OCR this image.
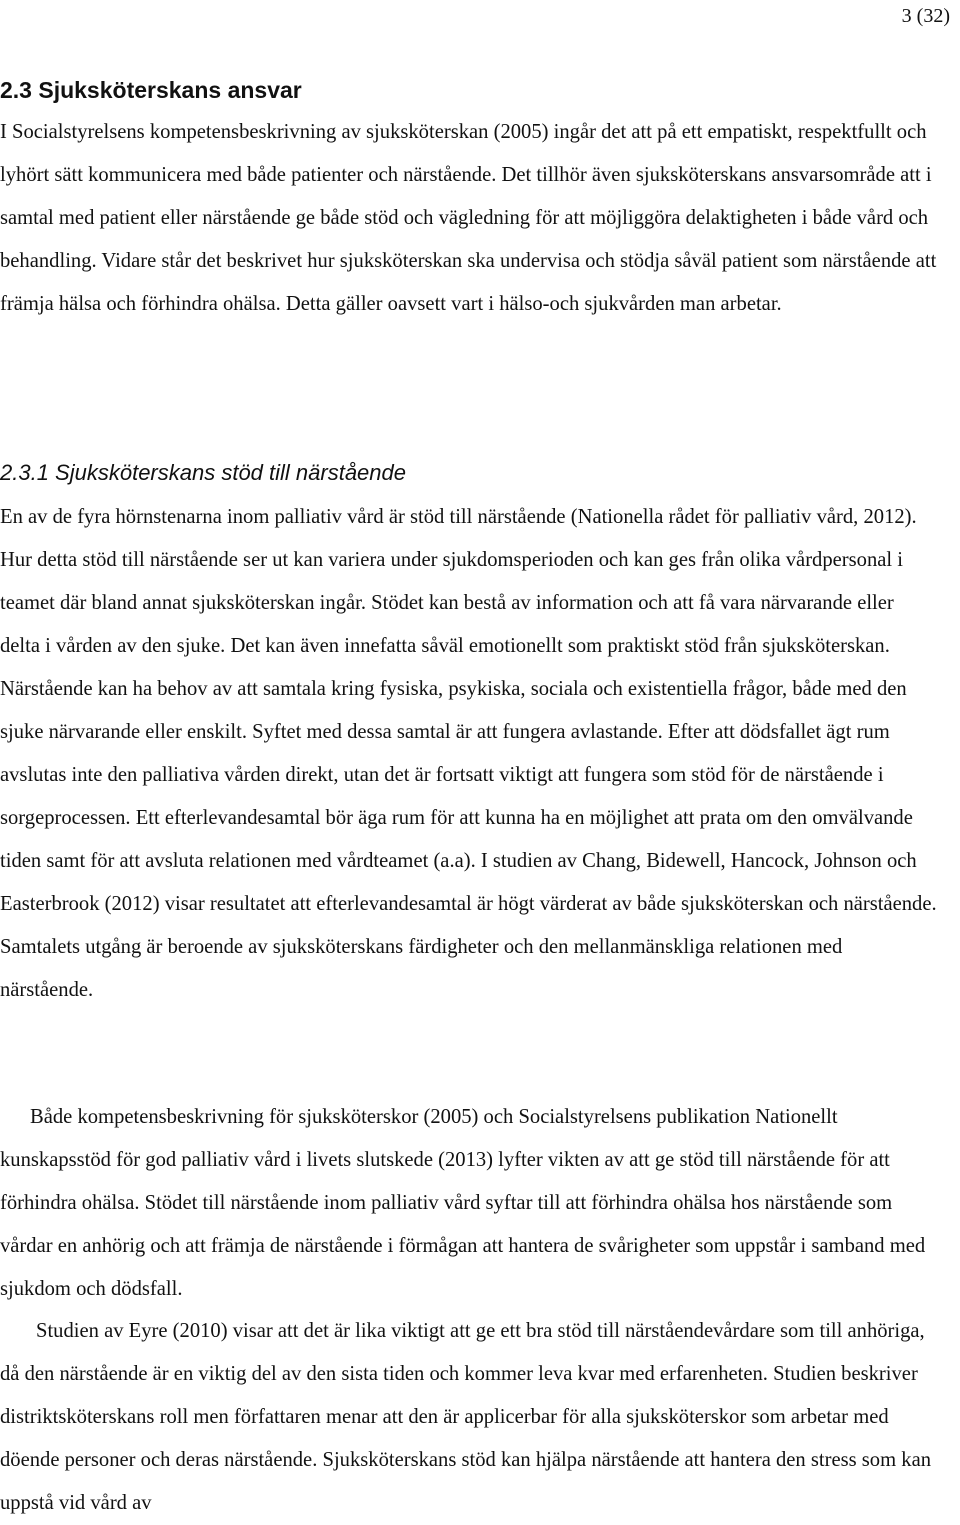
3 (32)
2.3 Sjuksköterskans ansvar

I Socialstyrelsens kompetensbeskrivning av sjuksköterskan (2005) ingår det att på ett empatiskt, respektfullt och lyhört sätt kommunicera med både patienter och närstående. Det tillhör även sjuksköterskans ansvarsområde att i samtal med patient eller närstående ge både stöd och vägledning för att möjliggöra delaktigheten i både vård och behandling. Vidare står det beskrivet hur sjuksköterskan ska undervisa och stödja såväl patient som närstående att främja hälsa och förhindra ohälsa. Detta gäller oavsett vart i hälso-och sjukvården man arbetar.

2.3.1 Sjuksköterskans stöd till närstående

En av de fyra hörnstenarna inom palliativ vård är stöd till närstående (Nationella rådet för palliativ vård, 2012). Hur detta stöd till närstående ser ut kan variera under sjukdomsperioden och kan ges från olika vårdpersonal i teamet där bland annat sjuksköterskan ingår. Stödet kan bestå av information och att få vara närvarande eller delta i vården av den sjuke. Det kan även innefatta såväl emotionellt som praktiskt stöd från sjuksköterskan. Närstående kan ha behov av att samtala kring fysiska, psykiska, sociala och existentiella frågor, både med den sjuke närvarande eller enskilt. Syftet med dessa samtal är att fungera avlastande. Efter att dödsfallet ägt rum avslutas inte den palliativa vården direkt, utan det är fortsatt viktigt att fungera som stöd för de närstående i sorgeprocessen. Ett efterlevandesamtal bör äga rum för att kunna ha en möjlighet att prata om den omvälvande tiden samt för att avsluta relationen med vårdteamet (a.a). I studien av Chang, Bidewell, Hancock, Johnson och Easterbrook (2012) visar resultatet att efterlevandesamtal är högt värderat av både sjuksköterskan och närstående. Samtalets utgång är beroende av sjuksköterskans färdigheter och den mellanmänskliga relationen med närstående.

Både kompetensbeskrivning för sjuksköterskor (2005) och Socialstyrelsens publikation Nationellt kunskapsstöd för god palliativ vård i livets slutskede (2013) lyfter vikten av att ge stöd till närstående för att förhindra ohälsa. Stödet till närstående inom palliativ vård syftar till att förhindra ohälsa hos närstående som vårdar en anhörig och att främja de närstående i förmågan att hantera de svårigheter som uppstår i samband med sjukdom och dödsfall.

Studien av Eyre (2010) visar att det är lika viktigt att ge ett bra stöd till närståendevårdare som till anhöriga, då den närstående är en viktig del av den sista tiden och kommer leva kvar med erfarenheten. Studien beskriver distriktsköterskans roll men författaren menar att den är applicerbar för alla sjuksköterskor som arbetar med döende personer och deras närstående. Sjuksköterskans stöd kan hjälpa närstående att hantera den stress som kan uppstå vid vård av
